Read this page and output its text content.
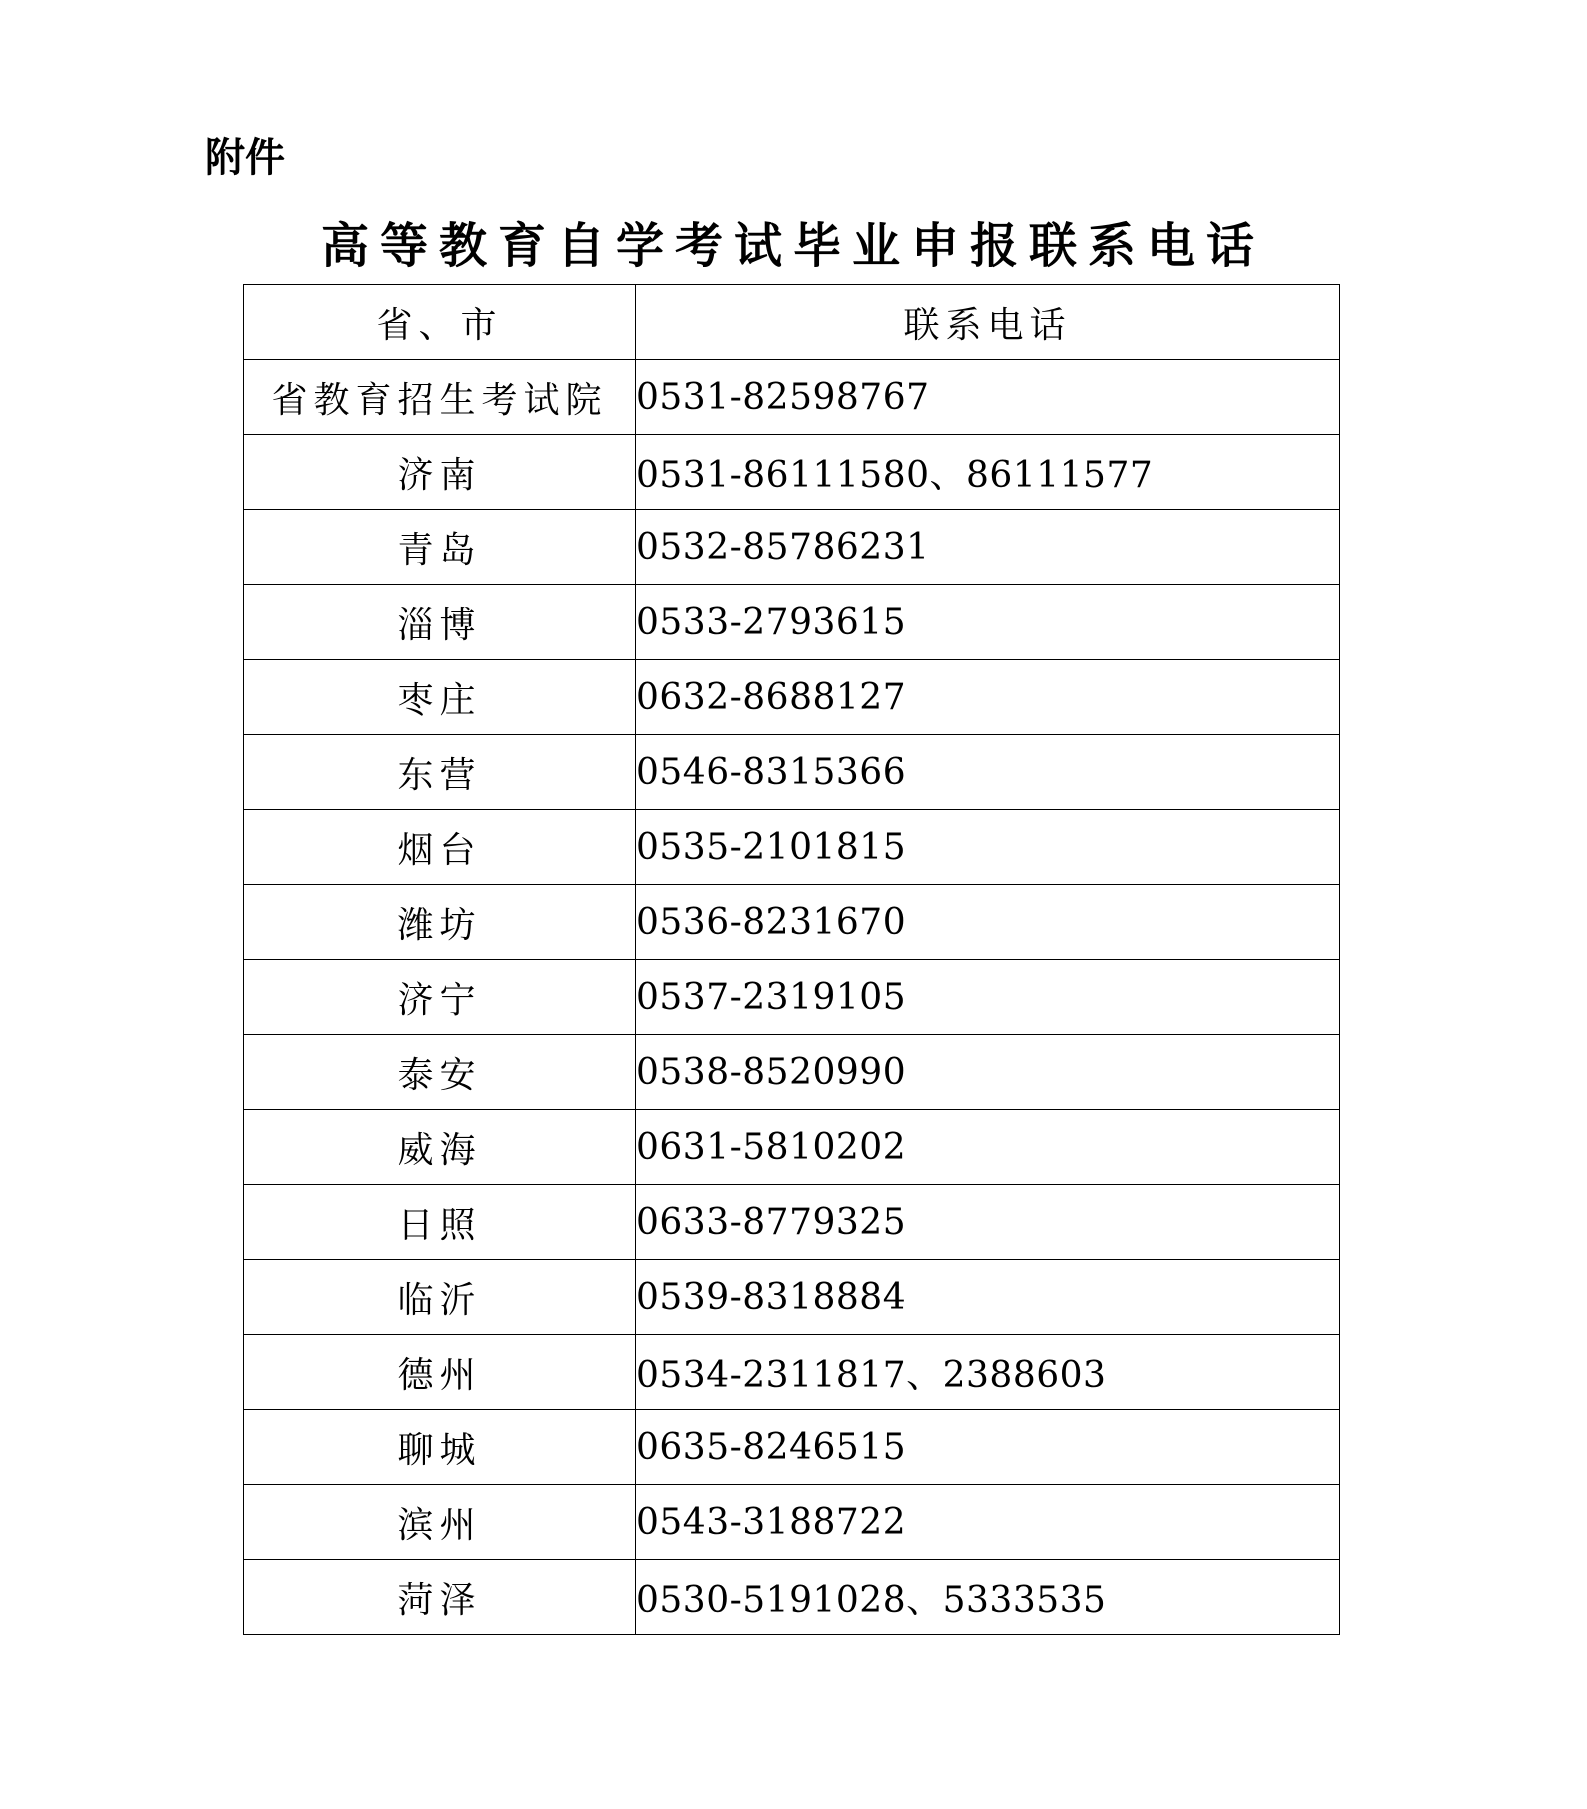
附件
高等教育自学考试毕业申报联系电话
省、市	联系电话
省教育招生考试院	0531-82598767
济南	0531-86111580、86111577
青岛	0532-85786231
淄博	0533-2793615
枣庄	0632-8688127
东营	0546-8315366
烟台	0535-2101815
潍坊	0536-8231670
济宁	0537-2319105
泰安	0538-8520990
威海	0631-5810202
日照	0633-8779325
临沂	0539-8318884
德州	0534-2311817、2388603
聊城	0635-8246515
滨州	0543-3188722
菏泽	0530-5191028、5333535
